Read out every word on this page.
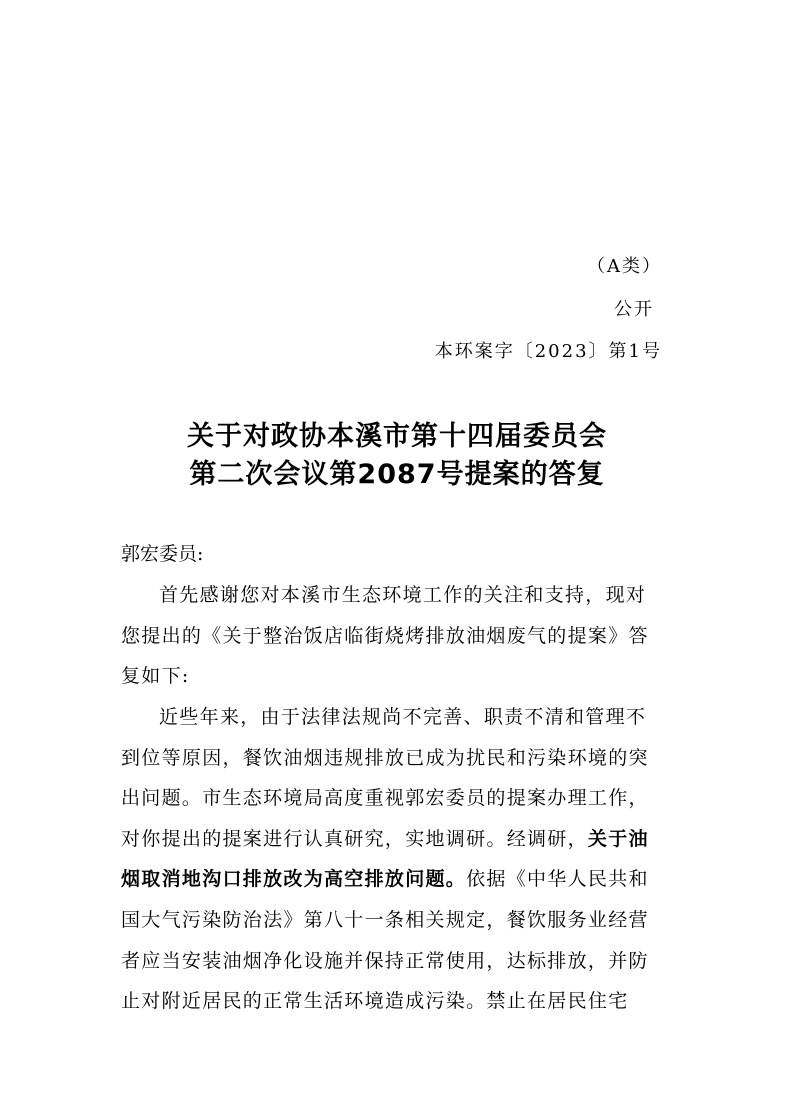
（A类）
公开
本环案字〔2023〕第1号
关于对政协本溪市第十四届委员会
第二次会议第2087号提案的答复
郭宏委员:
首先感谢您对本溪市生态环境工作的关注和支持，现对
您提出的《关于整治饭店临街烧烤排放油烟废气的提案》答
复如下:
近些年来，由于法律法规尚不完善、职责不清和管理不
到位等原因，餐饮油烟违规排放已成为扰民和污染环境的突
出问题。市生态环境局高度重视郭宏委员的提案办理工作，
对你提出的提案进行认真研究，实地调研。经调研，关于油
烟取消地沟口排放改为高空排放问题。依据《中华人民共和
国大气污染防治法》第八十一条相关规定，餐饮服务业经营
者应当安装油烟净化设施并保持正常使用，达标排放，并防
止对附近居民的正常生活环境造成污染。禁止在居民住宅
